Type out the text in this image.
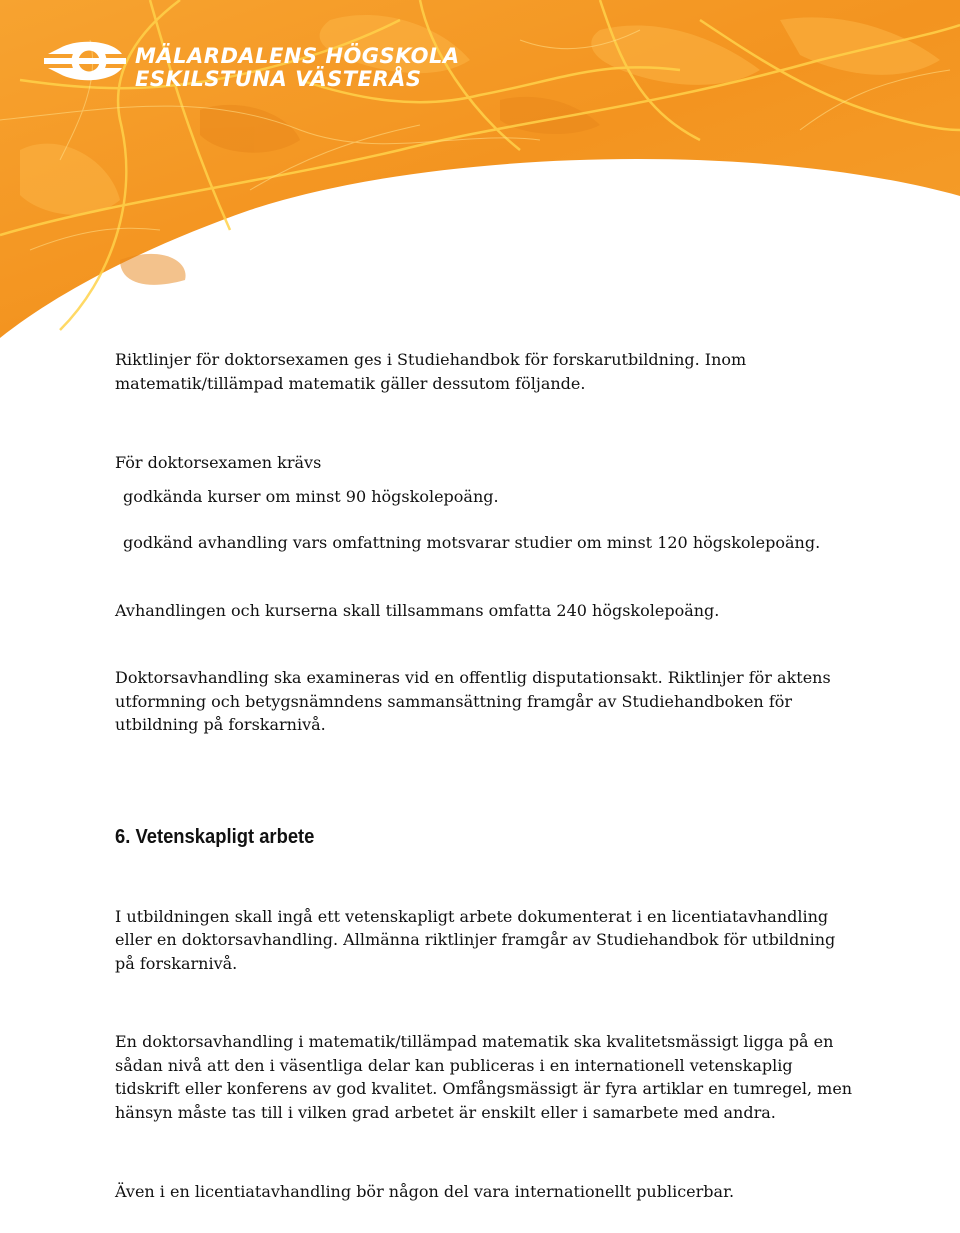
MÄLARDALENS HÖGSKOLA
ESKILSTUNA VÄSTERÅS

Riktlinjer för doktorsexamen ges i Studiehandbok för forskarutbildning. Inom matematik/tillämpad matematik gäller dessutom följande.

För doktorsexamen krävs

godkända kurser om minst 90 högskolepoäng.
godkänd avhandling vars omfattning motsvarar studier om minst 120 högskolepoäng.

Avhandlingen och kurserna skall tillsammans omfatta 240 högskolepoäng.

Doktorsavhandling ska examineras vid en offentlig disputationsakt. Riktlinjer för aktens utformning och betygsnämndens sammansättning framgår av Studiehandboken för utbildning på forskarnivå.

6. Vetenskapligt arbete

I utbildningen skall ingå ett vetenskapligt arbete dokumenterat i en licentiatavhandling eller en doktorsavhandling. Allmänna riktlinjer framgår av Studiehandbok för utbildning på forskarnivå.

En doktorsavhandling i matematik/tillämpad matematik ska kvalitetsmässigt ligga på en sådan nivå att den i väsentliga delar kan publiceras i en internationell vetenskaplig tidskrift eller konferens av god kvalitet. Omfångsmässigt är fyra artiklar en tumregel, men hänsyn måste tas till i vilken grad arbetet är enskilt eller i samarbete med andra.

Även i en licentiatavhandling bör någon del vara internationellt publicerbar.
